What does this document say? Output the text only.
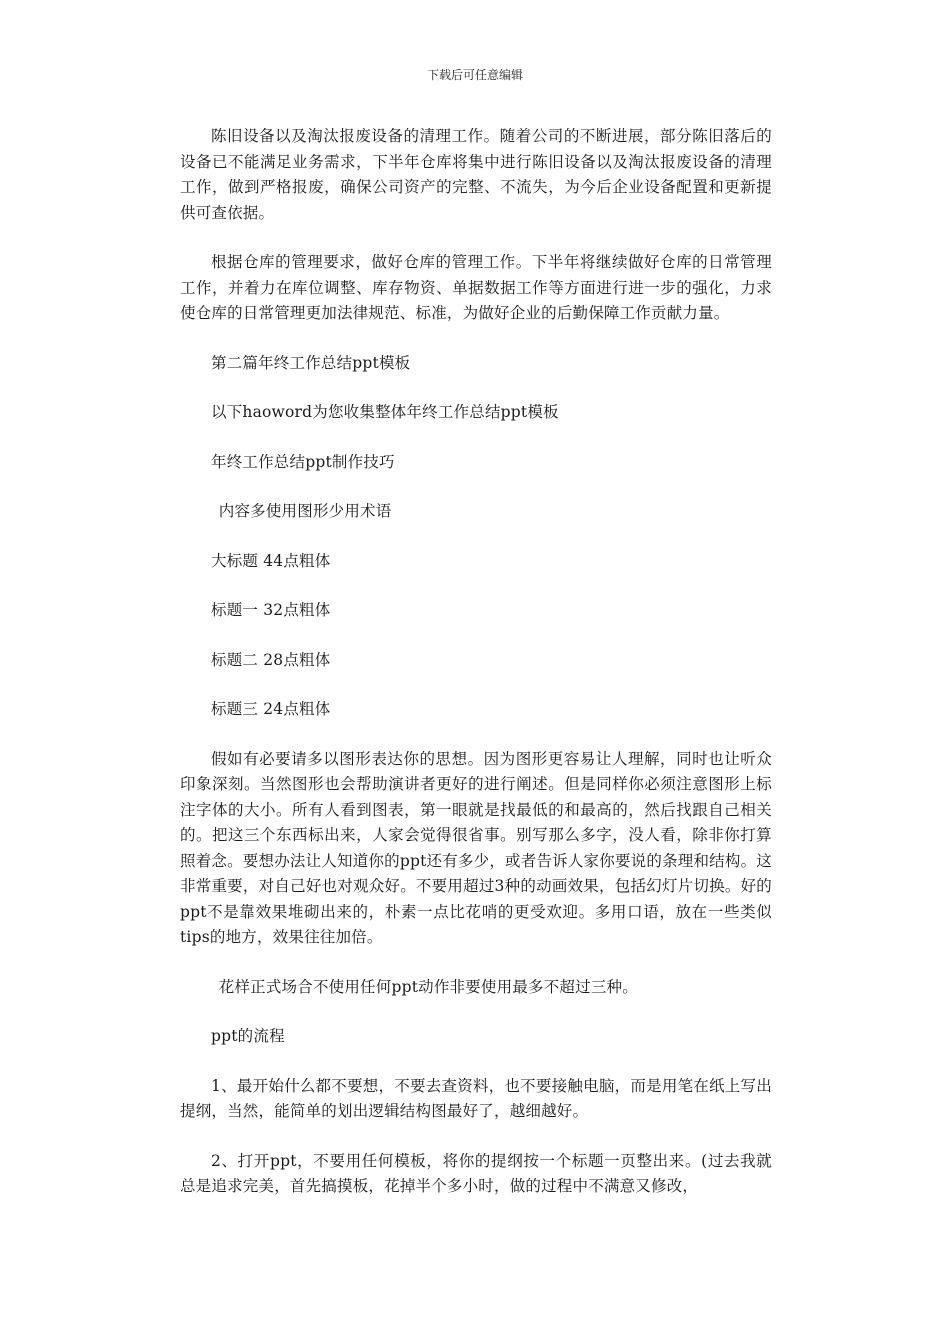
下载后可任意编辑

陈旧设备以及淘汰报废设备的清理工作。随着公司的不断进展，部分陈旧落后的设备已不能满足业务需求，下半年仓库将集中进行陈旧设备以及淘汰报废设备的清理工作，做到严格报废，确保公司资产的完整、不流失，为今后企业设备配置和更新提供可查依据。

根据仓库的管理要求，做好仓库的管理工作。下半年将继续做好仓库的日常管理工作，并着力在库位调整、库存物资、单据数据工作等方面进行进一步的强化，力求使仓库的日常管理更加法律规范、标准，为做好企业的后勤保障工作贡献力量。

第二篇年终工作总结ppt模板

以下haoword为您收集整体年终工作总结ppt模板

年终工作总结ppt制作技巧

内容多使用图形少用术语

大标题 44点粗体

标题一 32点粗体

标题二 28点粗体

标题三 24点粗体

假如有必要请多以图形表达你的思想。因为图形更容易让人理解，同时也让听众印象深刻。当然图形也会帮助演讲者更好的进行阐述。但是同样你必须注意图形上标注字体的大小。所有人看到图表，第一眼就是找最低的和最高的，然后找跟自己相关的。把这三个东西标出来，人家会觉得很省事。别写那么多字，没人看，除非你打算照着念。要想办法让人知道你的ppt还有多少，或者告诉人家你要说的条理和结构。这非常重要，对自己好也对观众好。不要用超过3种的动画效果，包括幻灯片切换。好的ppt不是靠效果堆砌出来的，朴素一点比花哨的更受欢迎。多用口语，放在一些类似tips的地方，效果往往加倍。

花样正式场合不使用任何ppt动作非要使用最多不超过三种。

ppt的流程

1、最开始什么都不要想，不要去查资料，也不要接触电脑，而是用笔在纸上写出提纲，当然，能简单的划出逻辑结构图最好了，越细越好。

2、打开ppt，不要用任何模板，将你的提纲按一个标题一页整出来。(过去我就总是追求完美，首先搞摸板，花掉半个多小时，做的过程中不满意又修改，
